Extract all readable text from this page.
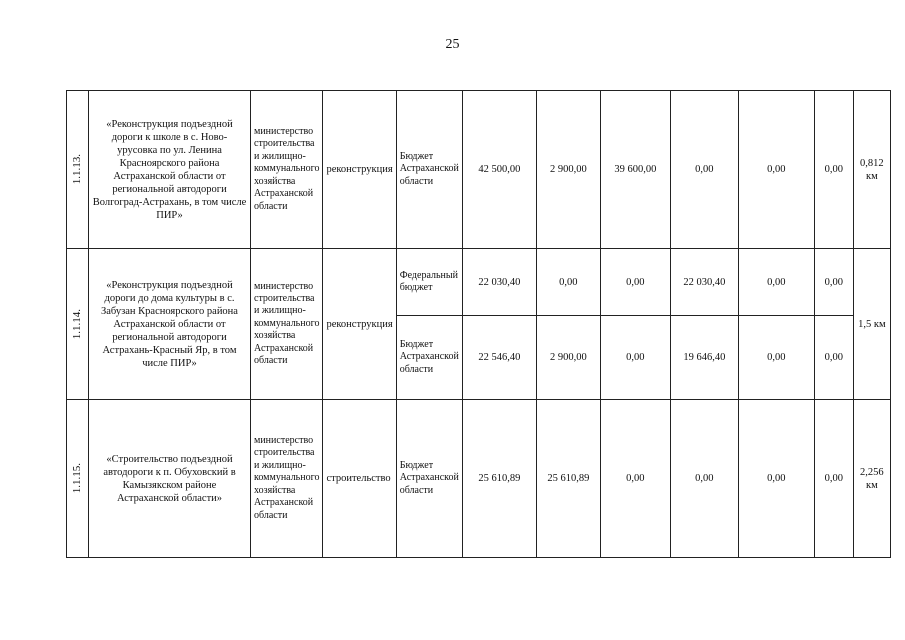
25
1.1.13.	«Реконструкция подъездной дороги к школе в с. Ново-урусовка по ул. Ленина Красноярского района Астраханской области от региональной автодороги Волгоград-Астрахань, в том числе ПИР»	министерство строительства и жилищно-коммунального хозяйства Астраханской области	реконструкция	Бюджет Астраханской области	42 500,00	2 900,00	39 600,00	0,00	0,00	0,00	0,812 км

1.1.14.	«Реконструкция подъездной дороги до дома культуры в с. Забузан Красноярского района Астраханской области от региональной автодороги Астрахань-Красный Яр, в том числе ПИР»	министерство строительства и жилищно-коммунального хозяйства Астраханской области	реконструкция	Федеральный бюджет	22 030,40	0,00	0,00	22 030,40	0,00	0,00	1,5 км
				Бюджет Астраханской области	22 546,40	2 900,00	0,00	19 646,40	0,00	0,00	

1.1.15.	«Строительство подъездной автодороги к п. Обуховский в Камызякском районе Астраханской области»	министерство строительства и жилищно-коммунального хозяйства Астраханской области	строительство	Бюджет Астраханской области	25 610,89	25 610,89	0,00	0,00	0,00	0,00	2,256 км
